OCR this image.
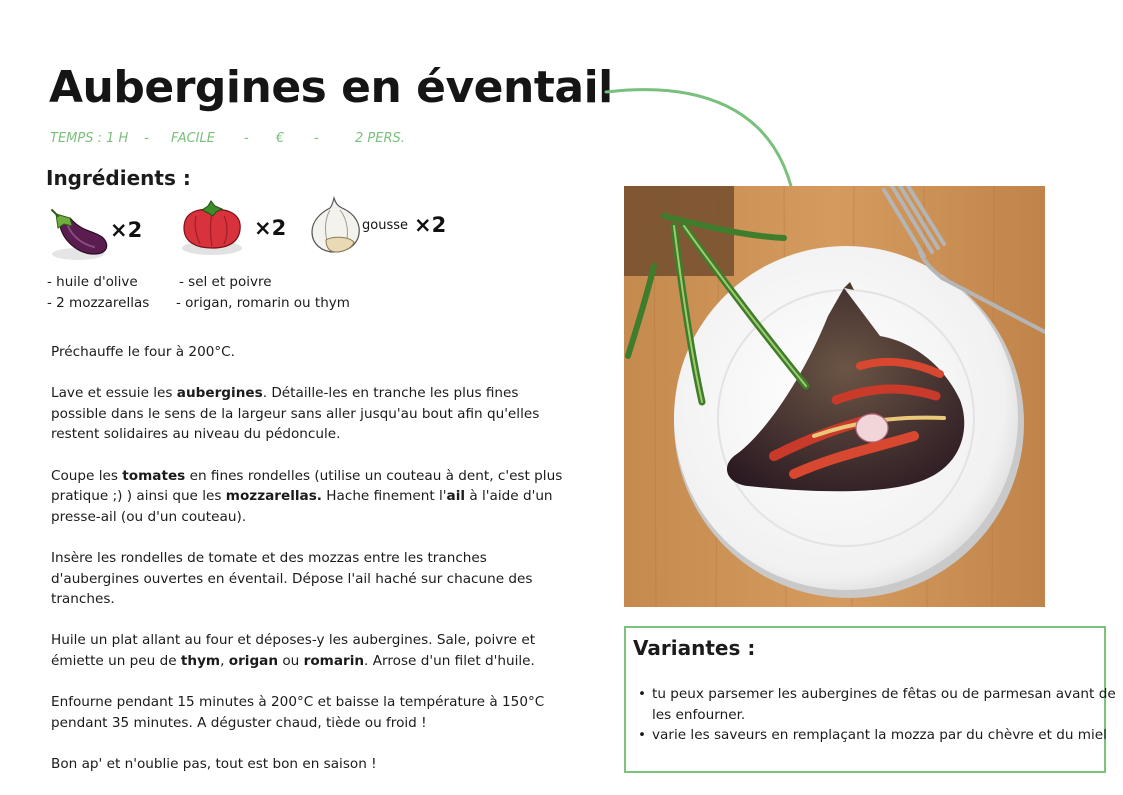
Aubergines en éventail
TEMPS : 1 H - FACILE - € -	2 PERS.
Ingrédients :
×2	×2	gousse ×2
- huile d'olive
- 2 mozzarellas
- sel et poivre
- origan, romarin ou thym

Préchauffe le four à 200°C.

Lave et essuie les aubergines. Détaille-les en tranche les plus fines possible dans le sens de la largeur sans aller jusqu'au bout afin qu'elles restent solidaires au niveau du pédoncule.

Coupe les tomates en fines rondelles (utilise un couteau à dent, c'est plus pratique ;) ) ainsi que les mozzarellas. Hache finement l'ail à l'aide d'un presse-ail (ou d'un couteau).

Insère les rondelles de tomate et des mozzas entre les tranches d'aubergines ouvertes en éventail. Dépose l'ail haché sur chacune des tranches.

Huile un plat allant au four et déposes-y les aubergines. Sale, poivre et émiette un peu de thym, origan ou romarin. Arrose d'un filet d'huile.

Enfourne pendant 15 minutes à 200°C et baisse la température à 150°C pendant 35 minutes. A déguster chaud, tiède ou froid !

Bon ap' et n'oublie pas, tout est bon en saison !

Variantes :
• tu peux parsemer les aubergines de fêtas ou de parmesan avant de les enfourner.
• varie les saveurs en remplaçant la mozza par du chèvre et du miel
